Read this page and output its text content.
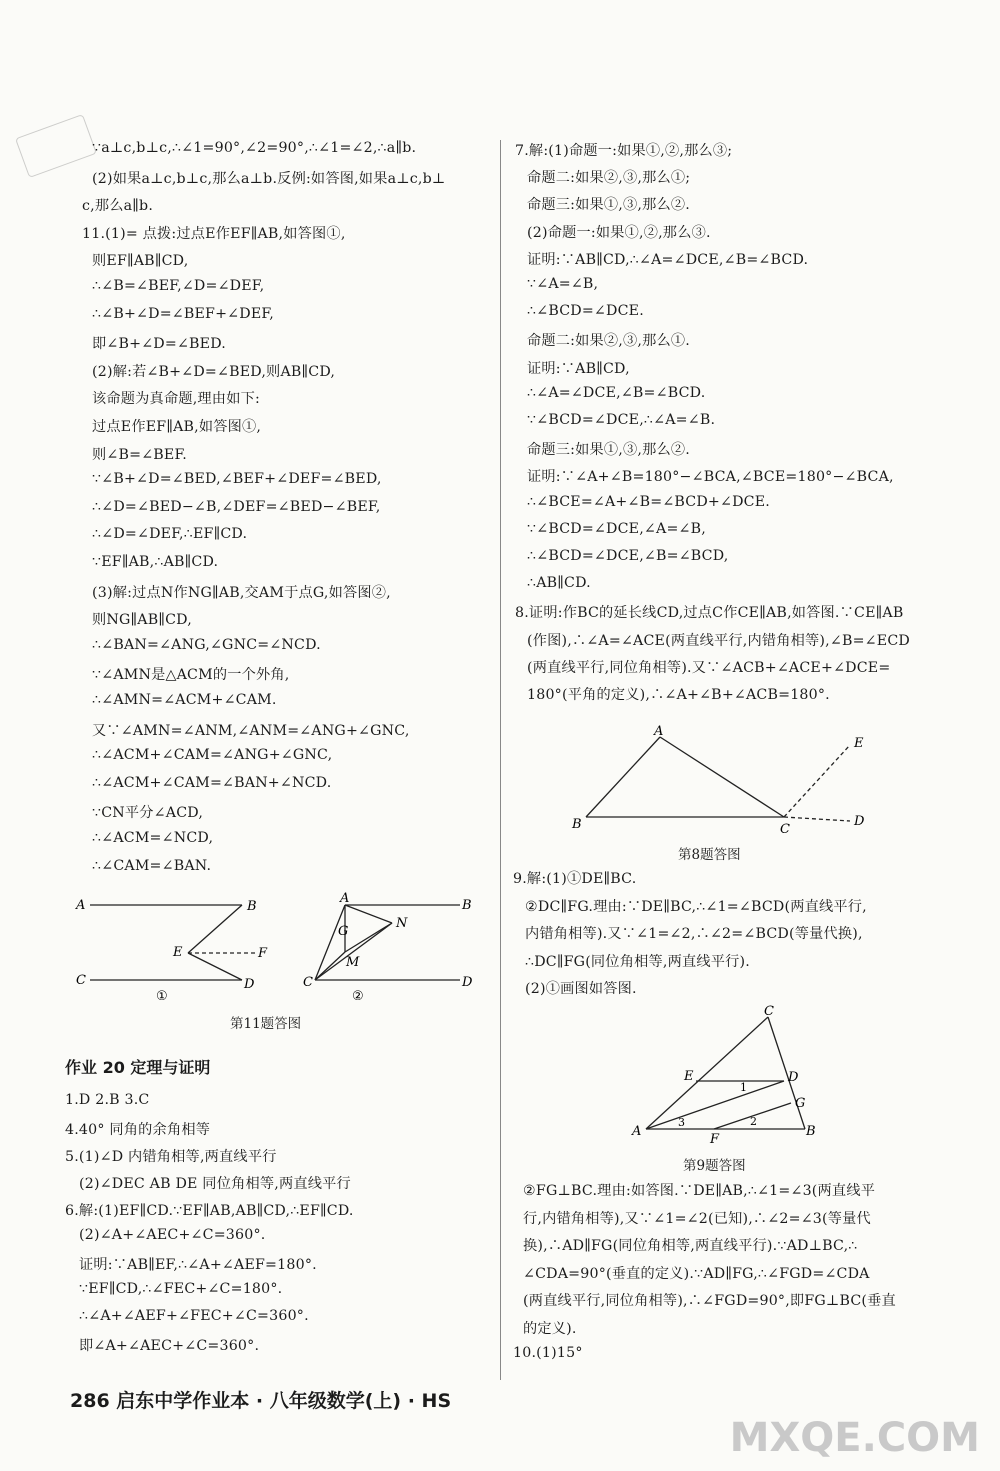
∵a⊥c,b⊥c,∴∠1=90°,∠2=90°,∴∠1=∠2,∴a∥b.
(2)如果a⊥c,b⊥c,那么a⊥b.反例:如答图,如果a⊥c,b⊥
c,那么a∥b.
11.(1)= 点拨:过点E作EF∥AB,如答图①,
则EF∥AB∥CD,
∴∠B=∠BEF,∠D=∠DEF,
∴∠B+∠D=∠BEF+∠DEF,
即∠B+∠D=∠BED.
(2)解:若∠B+∠D=∠BED,则AB∥CD,
该命题为真命题,理由如下:
过点E作EF∥AB,如答图①,
则∠B=∠BEF.
∵∠B+∠D=∠BED,∠BEF+∠DEF=∠BED,
∴∠D=∠BED−∠B,∠DEF=∠BED−∠BEF,
∴∠D=∠DEF,∴EF∥CD.
∵EF∥AB,∴AB∥CD.
(3)解:过点N作NG∥AB,交AM于点G,如答图②,
则NG∥AB∥CD,
∴∠BAN=∠ANG,∠GNC=∠NCD.
∵∠AMN是△ACM的一个外角,
∴∠AMN=∠ACM+∠CAM.
又∵∠AMN=∠ANM,∠ANM=∠ANG+∠GNC,
∴∠ACM+∠CAM=∠ANG+∠GNC,
∴∠ACM+∠CAM=∠BAN+∠NCD.
∵CN平分∠ACD,
∴∠ACM=∠NCD,
∴∠CAM=∠BAN.
A	B
E	F
C	D
①
A	B
G
N
M
C	D
②
第11题答图
作业 20 定理与证明
1.D 2.B 3.C
4.40° 同角的余角相等
5.(1)∠D 内错角相等,两直线平行
(2)∠DEC AB DE 同位角相等,两直线平行
6.解:(1)EF∥CD.∵EF∥AB,AB∥CD,∴EF∥CD.
(2)∠A+∠AEC+∠C=360°.
证明:∵AB∥EF,∴∠A+∠AEF=180°.
∵EF∥CD,∴∠FEC+∠C=180°.
∴∠A+∠AEF+∠FEC+∠C=360°.
即∠A+∠AEC+∠C=360°.
7.解:(1)命题一:如果①,②,那么③;
命题二:如果②,③,那么①;
命题三:如果①,③,那么②.
(2)命题一:如果①,②,那么③.
证明:∵AB∥CD,∴∠A=∠DCE,∠B=∠BCD.
∵∠A=∠B,
∴∠BCD=∠DCE.
命题二:如果②,③,那么①.
证明:∵AB∥CD,
∴∠A=∠DCE,∠B=∠BCD.
∵∠BCD=∠DCE,∴∠A=∠B.
命题三:如果①,③,那么②.
证明:∵∠A+∠B=180°−∠BCA,∠BCE=180°−∠BCA,
∴∠BCE=∠A+∠B=∠BCD+∠DCE.
∵∠BCD=∠DCE,∠A=∠B,
∴∠BCD=∠DCE,∠B=∠BCD,
∴AB∥CD.
8.证明:作BC的延长线CD,过点C作CE∥AB,如答图.∵CE∥AB
(作图),∴∠A=∠ACE(两直线平行,内错角相等),∠B=∠ECD
(两直线平行,同位角相等).又∵∠ACB+∠ACE+∠DCE=
180°(平角的定义),∴∠A+∠B+∠ACB=180°.
A
B	C
D
E
第8题答图
9.解:(1)①DE∥BC.
②DC∥FG.理由:∵DE∥BC,∴∠1=∠BCD(两直线平行,
内错角相等).又∵∠1=∠2,∴∠2=∠BCD(等量代换),
∴DC∥FG(同位角相等,两直线平行).
(2)①画图如答图.
C
E	D
G
A
F
B
1
2
3
第9题答图
②FG⊥BC.理由:如答图.∵DE∥AB,∴∠1=∠3(两直线平
行,内错角相等),又∵∠1=∠2(已知),∴∠2=∠3(等量代
换),∴AD∥FG(同位角相等,两直线平行).∵AD⊥BC,∴
∠CDA=90°(垂直的定义).∵AD∥FG,∴∠FGD=∠CDA
(两直线平行,同位角相等),∴∠FGD=90°,即FG⊥BC(垂直
的定义).
10.(1)15°
286 启东中学作业本 · 八年级数学(上) · HS
MXQE.COM
